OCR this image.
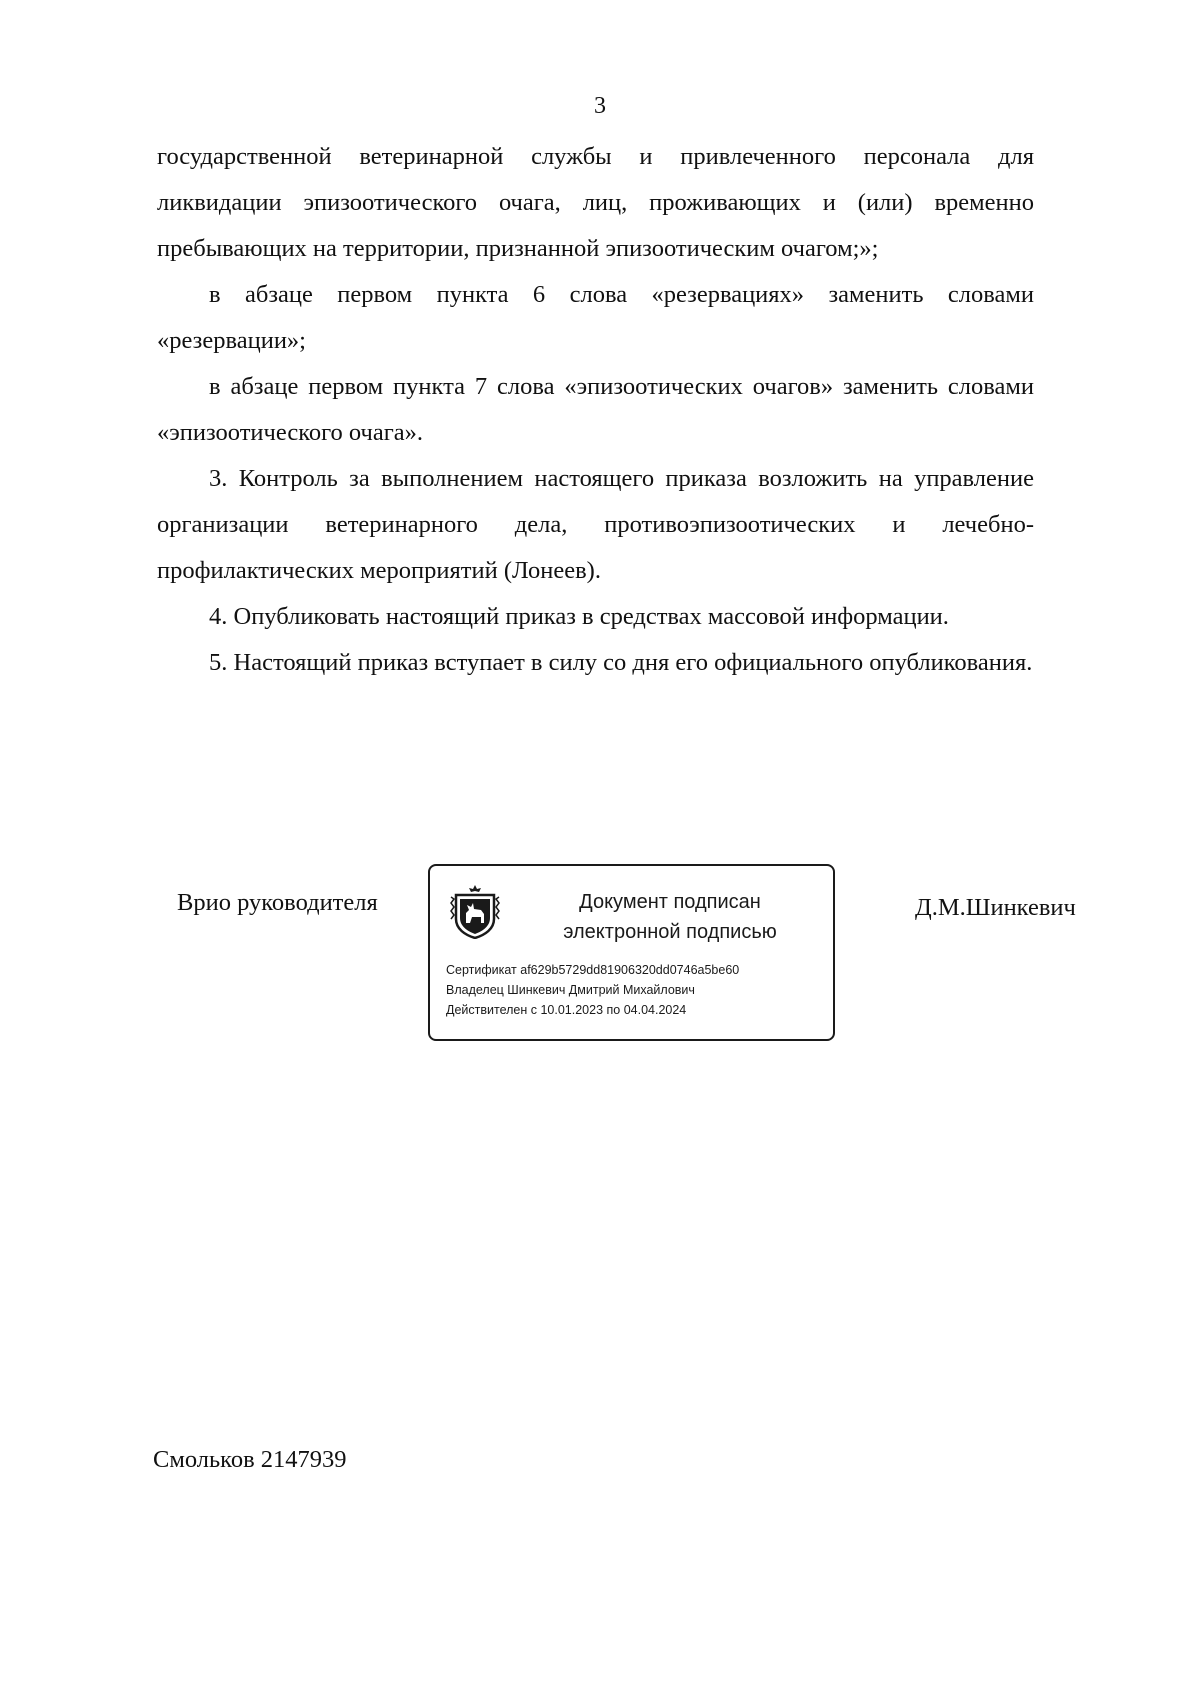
3

государственной ветеринарной службы и привлеченного персонала для ликвидации эпизоотического очага, лиц, проживающих и (или) временно пребывающих на территории, признанной эпизоотическим очагом;»;

в абзаце первом пункта 6 слова «резервациях» заменить словами «резервации»;

в абзаце первом пункта 7 слова «эпизоотических очагов» заменить словами «эпизоотического очага».

3. Контроль за выполнением настоящего приказа возложить на управление организации ветеринарного дела, противоэпизоотических и лечебно-профилактических мероприятий (Лонеев).

4. Опубликовать настоящий приказ в средствах массовой информации.

5. Настоящий приказ вступает в силу со дня его официального опубликования.

Врио руководителя	Документ подписан
электронной подписью
Сертификат af629b5729dd81906320dd0746a5be60
Владелец Шинкевич Дмитрий Михайлович
Действителен с 10.01.2023 по 04.04.2024
Д.М.Шинкевич
Смольков 2147939
